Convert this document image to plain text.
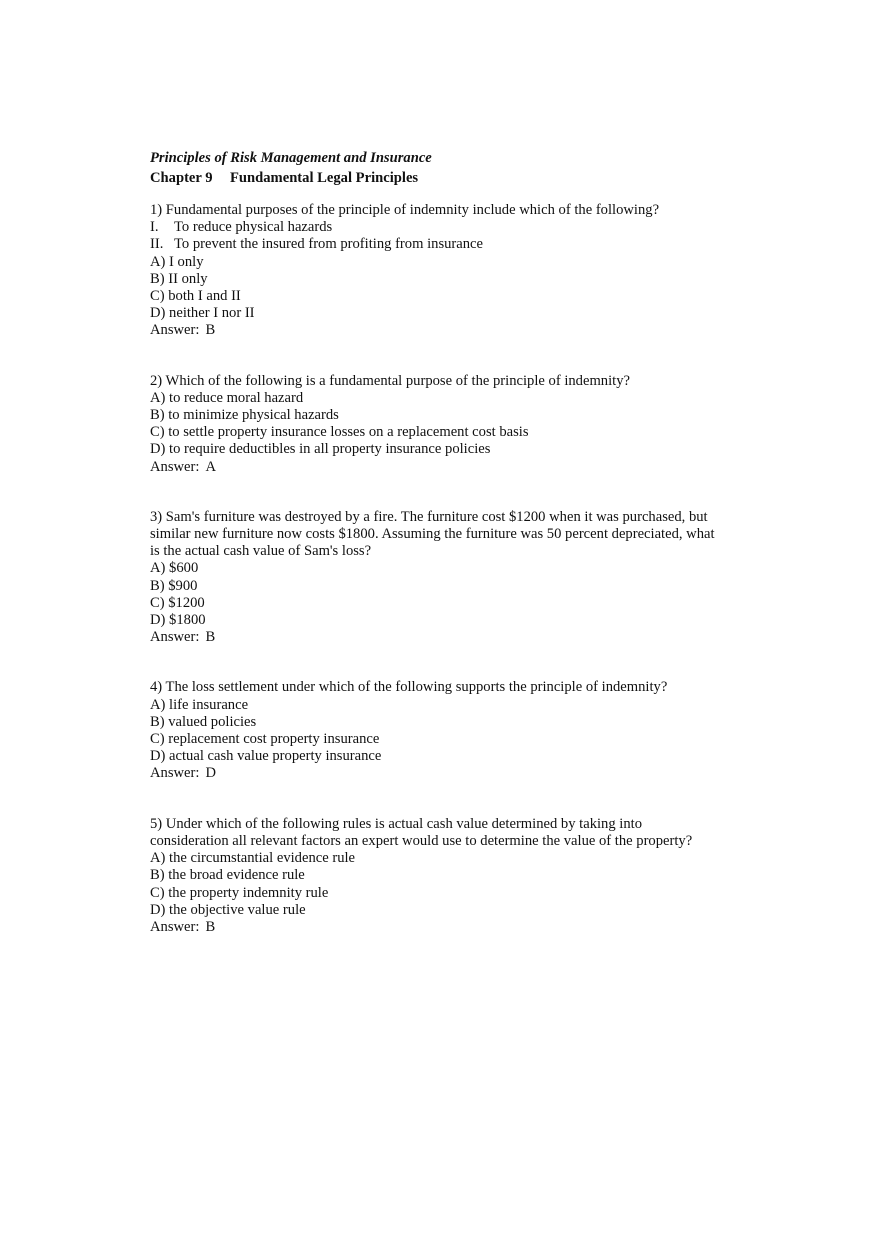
Principles of Risk Management and Insurance
Chapter 9 Fundamental Legal Principles
1) Fundamental purposes of the principle of indemnity include which of the following?
I. To reduce physical hazards
II. To prevent the insured from profiting from insurance
A) I only
B) II only
C) both I and II
D) neither I nor II
Answer: B
2) Which of the following is a fundamental purpose of the principle of indemnity?
A) to reduce moral hazard
B) to minimize physical hazards
C) to settle property insurance losses on a replacement cost basis
D) to require deductibles in all property insurance policies
Answer: A
3) Sam's furniture was destroyed by a fire. The furniture cost $1200 when it was purchased, but
similar new furniture now costs $1800. Assuming the furniture was 50 percent depreciated, what
is the actual cash value of Sam's loss?
A) $600
B) $900
C) $1200
D) $1800
Answer: B
4) The loss settlement under which of the following supports the principle of indemnity?
A) life insurance
B) valued policies
C) replacement cost property insurance
D) actual cash value property insurance
Answer: D
5) Under which of the following rules is actual cash value determined by taking into
consideration all relevant factors an expert would use to determine the value of the property?
A) the circumstantial evidence rule
B) the broad evidence rule
C) the property indemnity rule
D) the objective value rule
Answer: B
